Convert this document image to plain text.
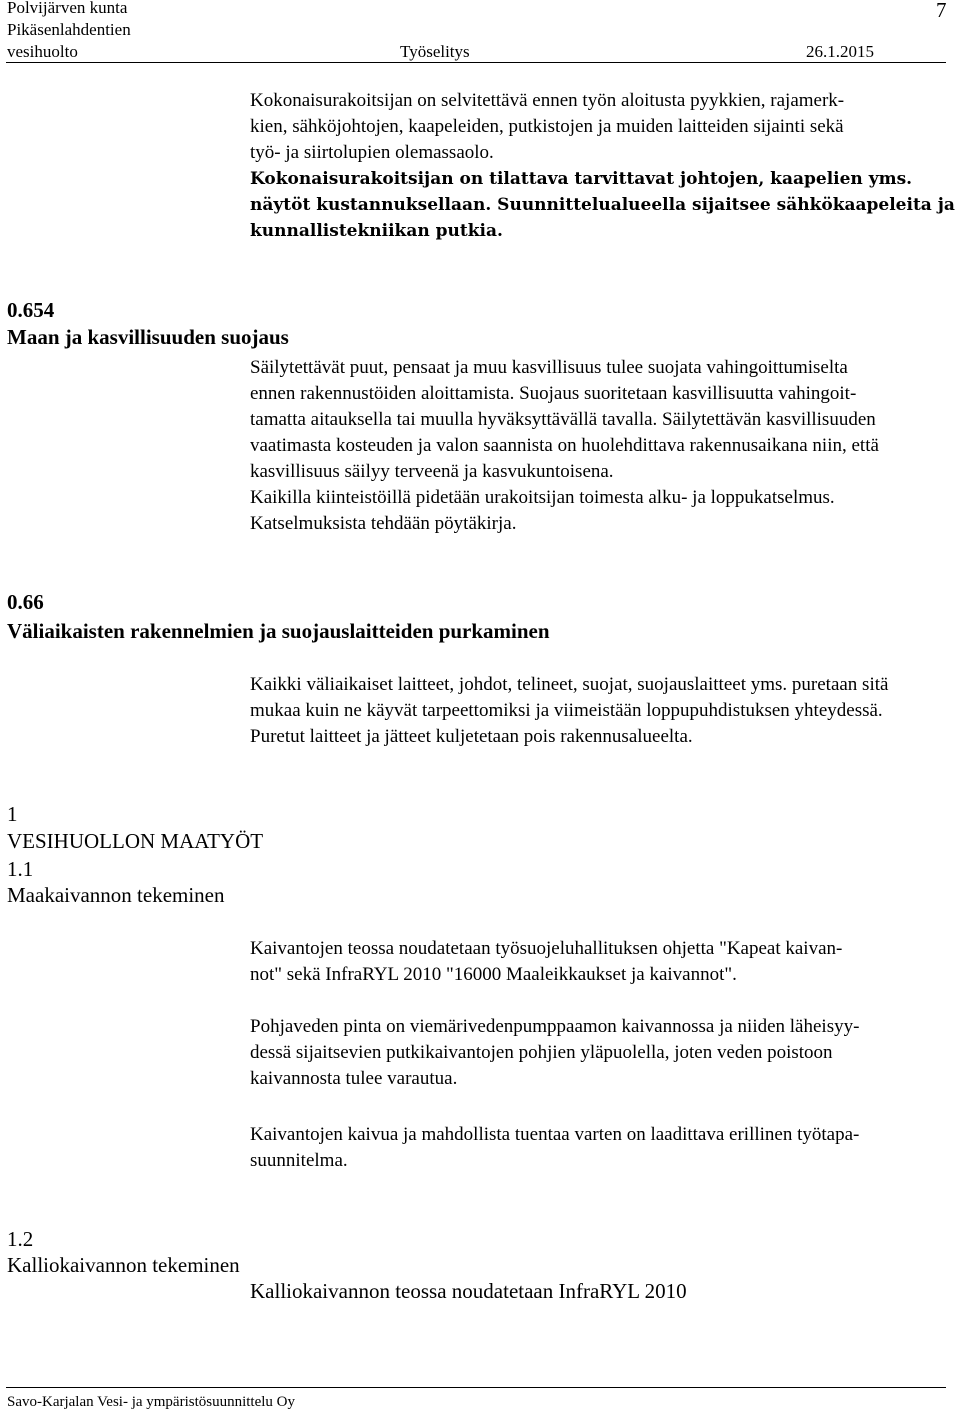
Polvijärven kunta
Pikäsenlahdentien
vesihuolto	Työselitys	26.1.2015
7
Kokonaisurakoitsijan on selvitettävä ennen työn aloitusta pyykkien, rajamerk-
kien, sähköjohtojen, kaapeleiden, putkistojen ja muiden laitteiden sijainti sekä
työ- ja siirtolupien olemassaolo.
Kokonaisurakoitsijan on tilattava tarvittavat johtojen, kaapelien yms.
näytöt kustannuksellaan. Suunnittelualueella sijaitsee sähkökaapeleita ja
kunnallistekniikan putkia.
0.654
Maan ja kasvillisuuden suojaus
Säilytettävät puut, pensaat ja muu kasvillisuus tulee suojata vahingoittumiselta
ennen rakennustöiden aloittamista. Suojaus suoritetaan kasvillisuutta vahingoit-
tamatta aitauksella tai muulla hyväksyttävällä tavalla. Säilytettävän kasvillisuuden
vaatimasta kosteuden ja valon saannista on huolehdittava rakennusaikana niin, että
kasvillisuus säilyy terveenä ja kasvukuntoisena.
Kaikilla kiinteistöillä pidetään urakoitsijan toimesta alku- ja loppukatselmus.
Katselmuksista tehdään pöytäkirja.
0.66
Väliaikaisten rakennelmien ja suojauslaitteiden purkaminen
Kaikki väliaikaiset laitteet, johdot, telineet, suojat, suojauslaitteet yms. puretaan sitä
mukaa kuin ne käyvät tarpeettomiksi ja viimeistään loppupuhdistuksen yhteydessä.
Puretut laitteet ja jätteet kuljetetaan pois rakennusalueelta.
1
VESIHUOLLON MAATYÖT
1.1
Maakaivannon tekeminen
Kaivantojen teossa noudatetaan työsuojeluhallituksen ohjetta "Kapeat kaivan-
not" sekä InfraRYL 2010 "16000 Maaleikkaukset ja kaivannot".
Pohjaveden pinta on viemärivedenpumppaamon kaivannossa ja niiden läheisyy-
dessä sijaitsevien putkikaivantojen pohjien yläpuolella, joten veden poistoon
kaivannosta tulee varautua.
Kaivantojen kaivua ja mahdollista tuentaa varten on laadittava erillinen työtapa-
suunnitelma.
1.2
Kalliokaivannon tekeminen
Kalliokaivannon teossa noudatetaan InfraRYL 2010
Savo-Karjalan Vesi- ja ympäristösuunnittelu Oy
